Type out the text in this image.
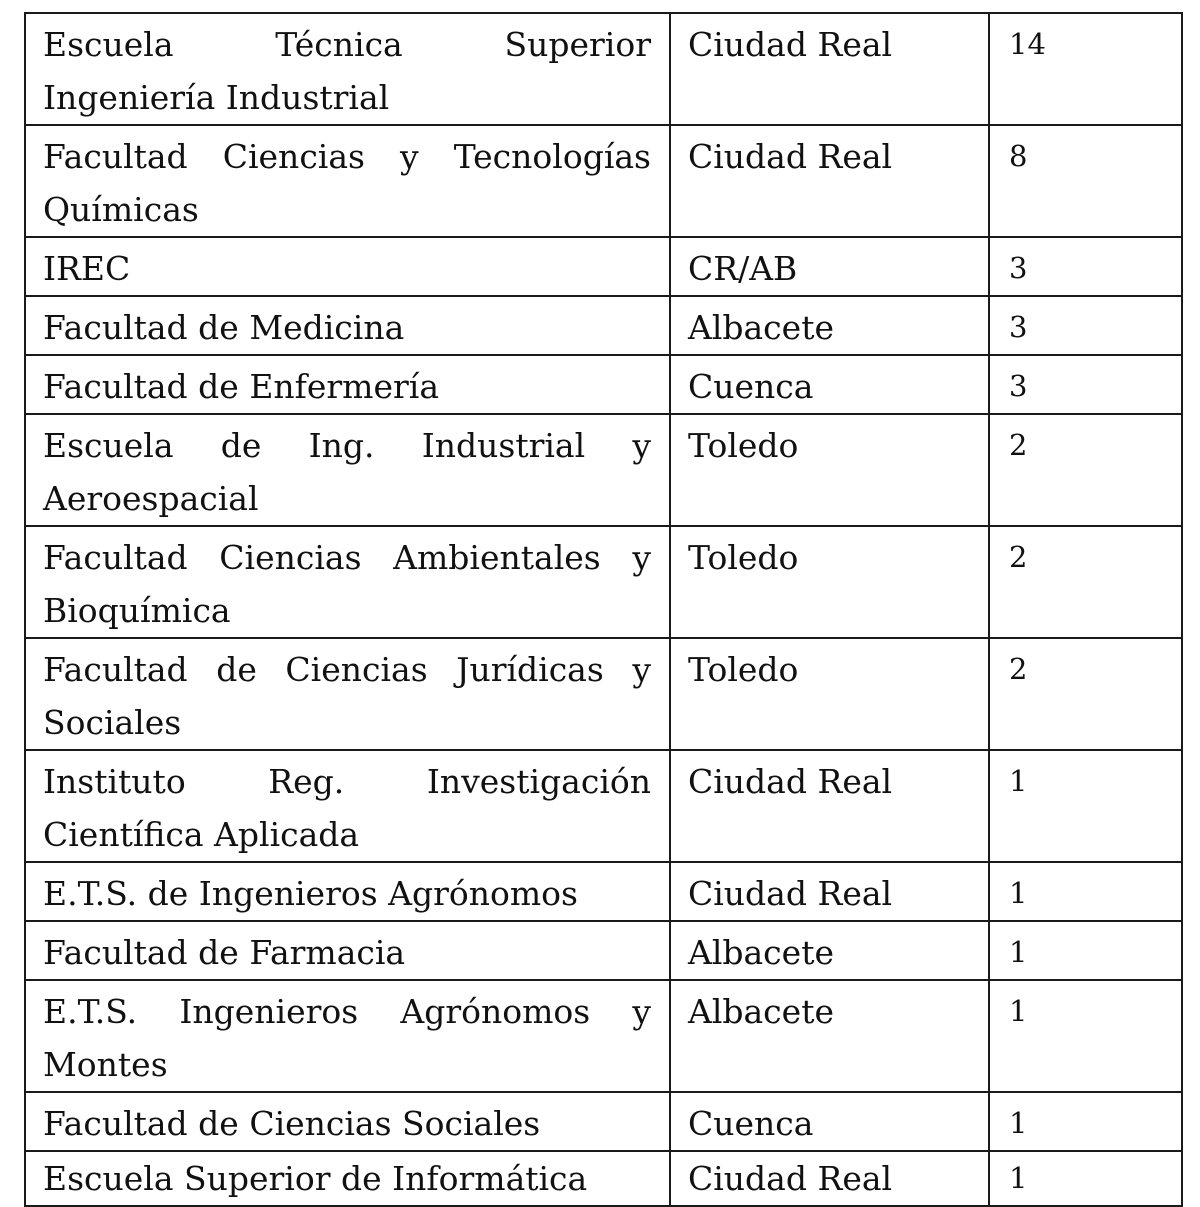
Escuela Técnica Superior Ingeniería Industrial	Ciudad Real	14
Facultad Ciencias y Tecnologías Químicas	Ciudad Real	8
IREC	CR/AB	3
Facultad de Medicina	Albacete	3
Facultad de Enfermería	Cuenca	3
Escuela de Ing. Industrial y Aeroespacial	Toledo	2
Facultad Ciencias Ambientales y Bioquímica	Toledo	2
Facultad de Ciencias Jurídicas y Sociales	Toledo	2
Instituto Reg. Investigación Científica Aplicada	Ciudad Real	1
E.T.S. de Ingenieros Agrónomos	Ciudad Real	1
Facultad de Farmacia	Albacete	1
E.T.S. Ingenieros Agrónomos y Montes	Albacete	1
Facultad de Ciencias Sociales	Cuenca	1
Escuela Superior de Informática	Ciudad Real	1
